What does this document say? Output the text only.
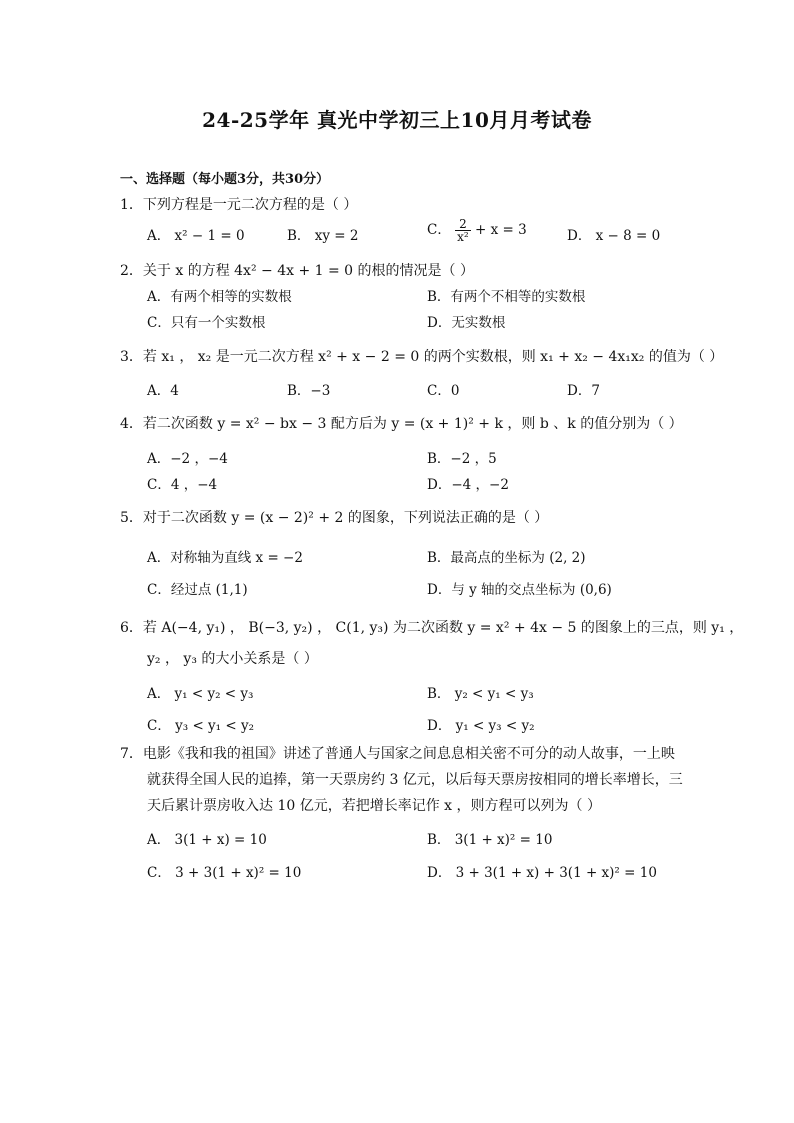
24-25学年 真光中学初三上10月月考试卷
一、选择题（每小题3分，共30分）
1．下列方程是一元二次方程的是（ ）
A． x² − 1 = 0	B． xy = 2	C． $\frac{2}{\text{x²}} + x = 3$	D． x − 8 = 0
2．关于 x 的方程 4x² − 4x + 1 = 0 的根的情况是（ ）
A．有两个相等的实数根	B．有两个不相等的实数根
C．只有一个实数根	D．无实数根
3．若 x₁ ， x₂ 是一元二次方程 x² + x − 2 = 0 的两个实数根，则 x₁ + x₂ − 4x₁x₂ 的值为（ ）
A．4	B．−3	C．0	D．7
4．若二次函数 y = x² − bx − 3 配方后为 y = (x + 1)² + k ，则 b 、k 的值分别为（ ）
A．−2 ，−4	B．−2 ，5
C．4 ，−4	D．−4 ，−2
5．对于二次函数 y = (x − 2)² + 2 的图象，下列说法正确的是（ ）
A．对称轴为直线 x = −2	B．最高点的坐标为 (2, 2)
C．经过点 (1,1)	D．与 y 轴的交点坐标为 (0,6)
6．若 A(−4, y₁) ， B(−3, y₂) ， C(1, y₃) 为二次函数 y = x² + 4x − 5 的图象上的三点，则 y₁ ，
y₂ ， y₃ 的大小关系是（ ）
A． y₁ < y₂ < y₃	B． y₂ < y₁ < y₃
C． y₃ < y₁ < y₂	D． y₁ < y₃ < y₂
7．电影《我和我的祖国》讲述了普通人与国家之间息息相关密不可分的动人故事，一上映
就获得全国人民的追捧，第一天票房约 3 亿元，以后每天票房按相同的增长率增长，三
天后累计票房收入达 10 亿元，若把增长率记作 x ，则方程可以列为（ ）
A． 3(1 + x) = 10	B． 3(1 + x)² = 10
C． 3 + 3(1 + x)² = 10	D． 3 + 3(1 + x) + 3(1 + x)² = 10
